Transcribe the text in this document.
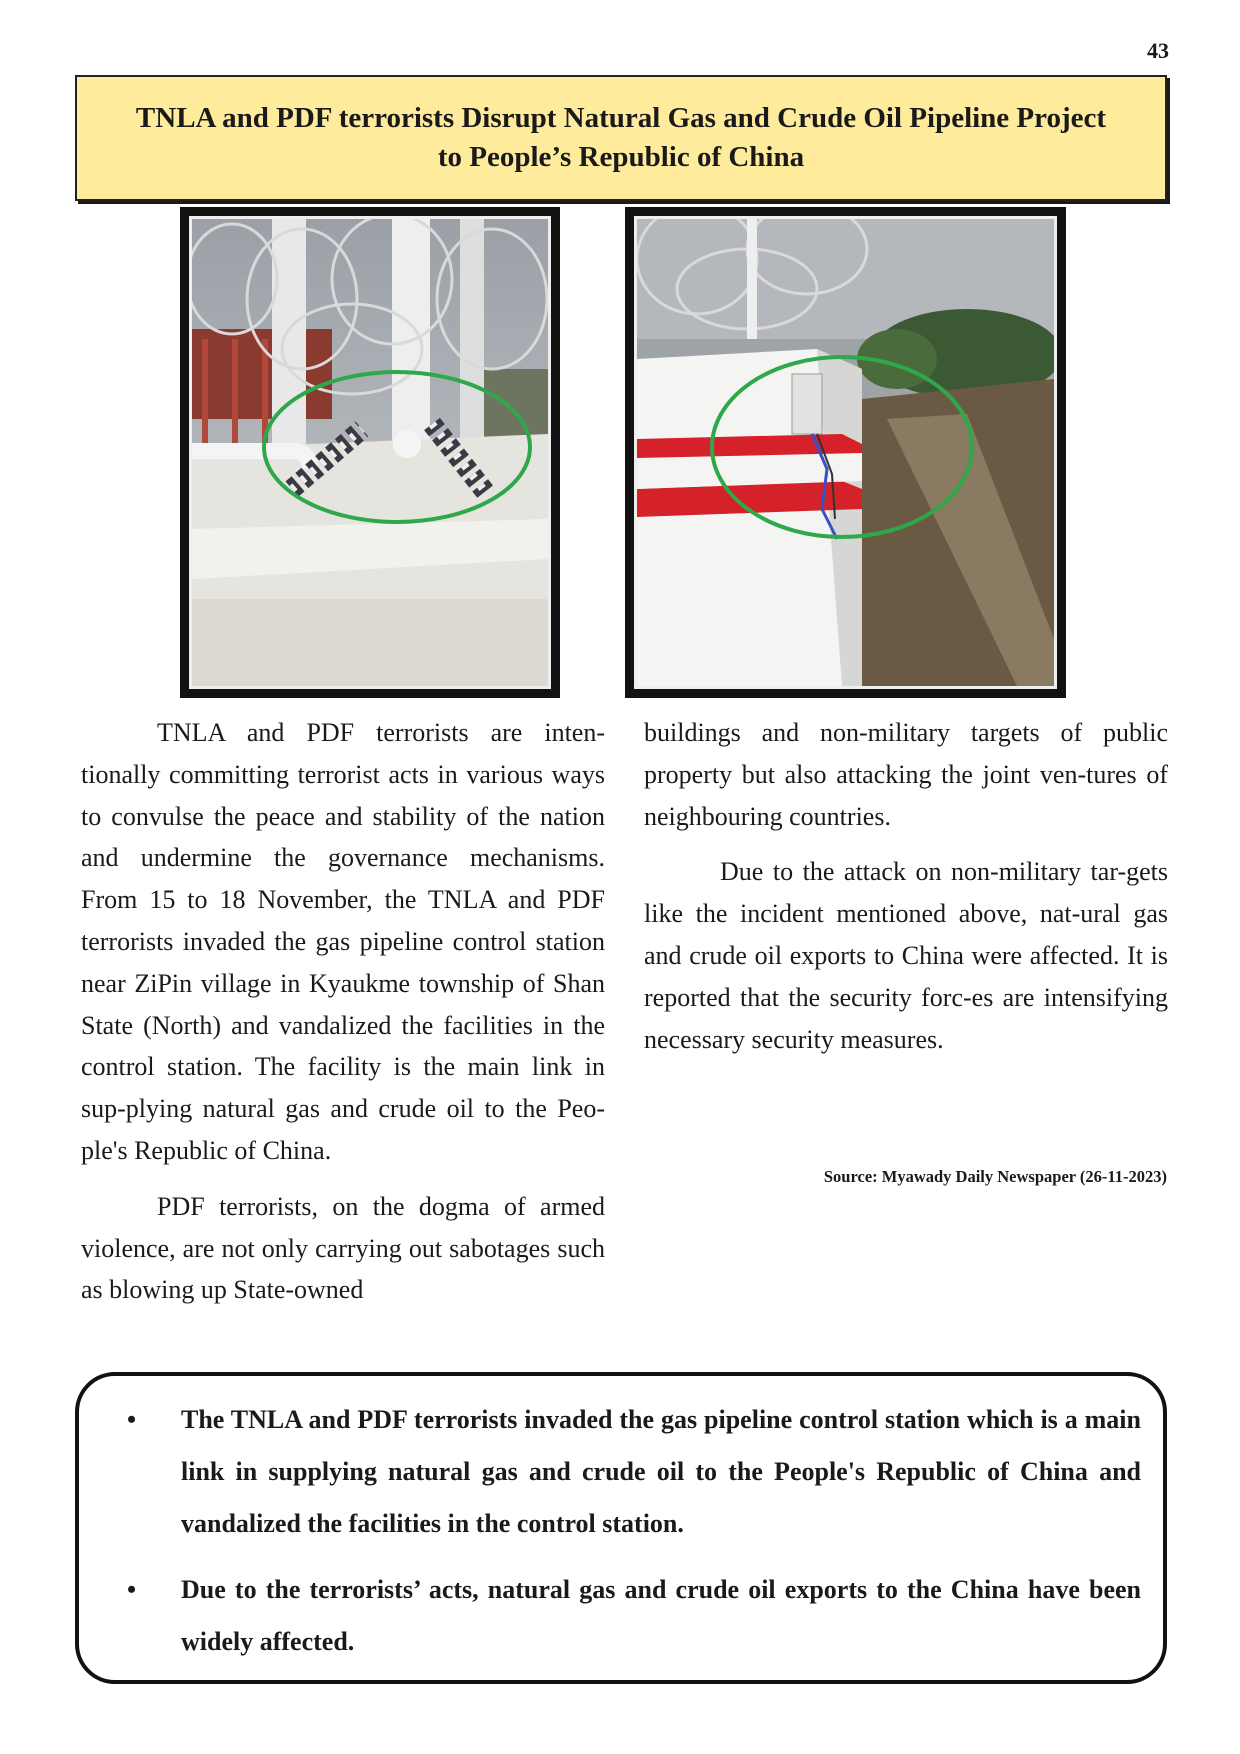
43
TNLA and PDF terrorists Disrupt Natural Gas and Crude Oil Pipeline Project
to People’s Republic of China

TNLA and PDF terrorists are inten-tionally committing terrorist acts in various ways to convulse the peace and stability of the nation and undermine the governance mechanisms. From 15 to 18 November, the TNLA and PDF terrorists invaded the gas pipeline control station near ZiPin village in Kyaukme township of Shan State (North) and vandalized the facilities in the control station. The facility is the main link in sup-plying natural gas and crude oil to the Peo-ple's Republic of China.

PDF terrorists, on the dogma of armed violence, are not only carrying out sabotages such as blowing up State-owned

buildings and non-military targets of public property but also attacking the joint ven-tures of neighbouring countries.

Due to the attack on non-military tar-gets like the incident mentioned above, nat-ural gas and crude oil exports to China were affected. It is reported that the security forc-es are intensifying necessary security measures.

Source: Myawady Daily Newspaper (26-11-2023)
• The TNLA and PDF terrorists invaded the gas pipeline control station which is a main link in supplying natural gas and crude oil to the People's Republic of China and vandalized the facilities in the control station.
• Due to the terrorists’ acts, natural gas and crude oil exports to the China have been widely affected.
